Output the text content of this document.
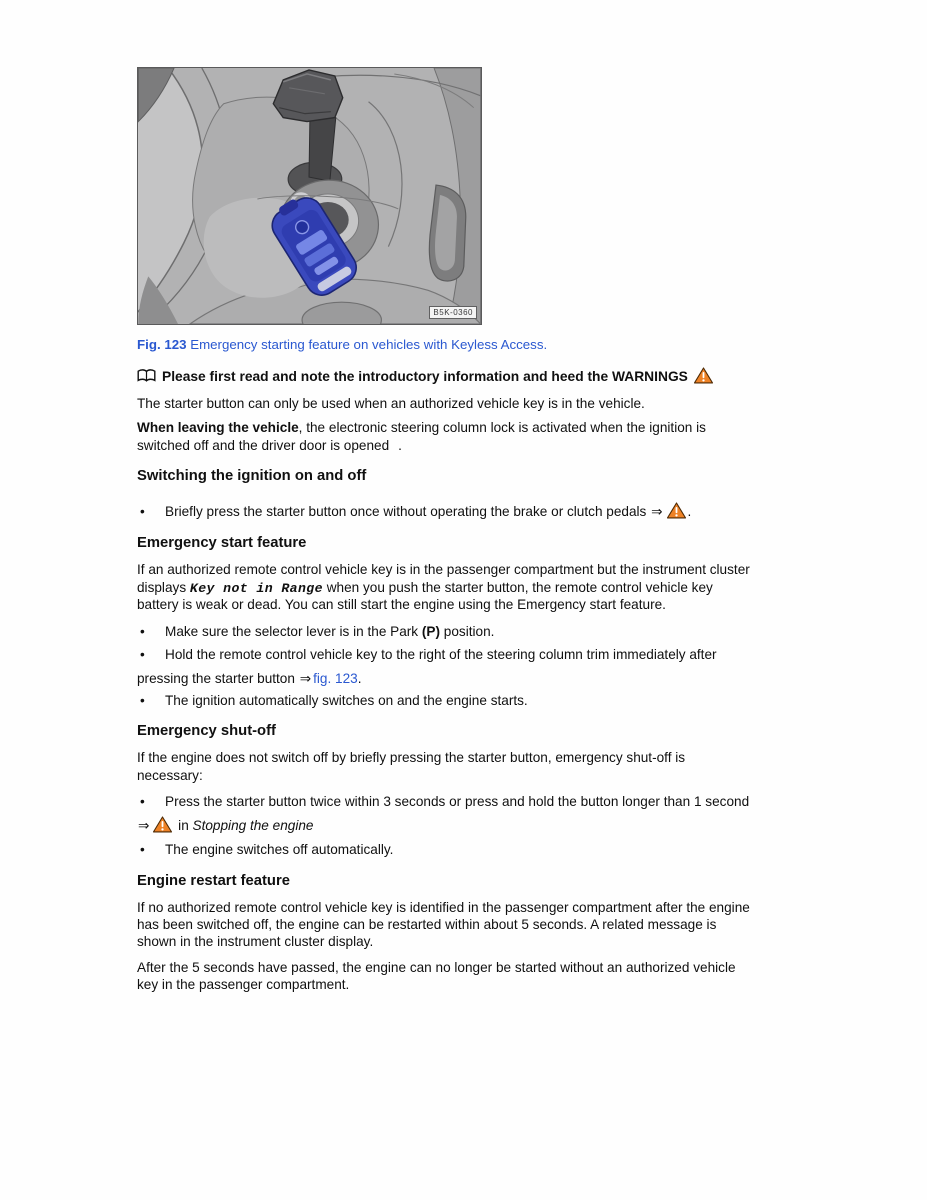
B5K-0360
Fig. 123 Emergency starting feature on vehicles with Keyless Access.
Please first read and note the introductory information and heed the WARNINGS
The starter button can only be used when an authorized vehicle key is in the vehicle.
When leaving the vehicle, the electronic steering column lock is activated when the ignition is
switched off and the driver door is opened .
Switching the ignition on and off
• Briefly press the starter button once without operating the brake or clutch pedals ⇒ .
Emergency start feature
If an authorized remote control vehicle key is in the passenger compartment but the instrument cluster
displays Key not in Range when you push the starter button, the remote control vehicle key
battery is weak or dead. You can still start the engine using the Emergency start feature.
• Make sure the selector lever is in the Park (P) position.
• Hold the remote control vehicle key to the right of the steering column trim immediately after
pressing the starter button ⇒ fig. 123.
• The ignition automatically switches on and the engine starts.
Emergency shut-off
If the engine does not switch off by briefly pressing the starter button, emergency shut-off is
necessary:
• Press the starter button twice within 3 seconds or press and hold the button longer than 1 second
⇒ in Stopping the engine
• The engine switches off automatically.
Engine restart feature
If no authorized remote control vehicle key is identified in the passenger compartment after the engine
has been switched off, the engine can be restarted within about 5 seconds. A related message is
shown in the instrument cluster display.
After the 5 seconds have passed, the engine can no longer be started without an authorized vehicle
key in the passenger compartment.
